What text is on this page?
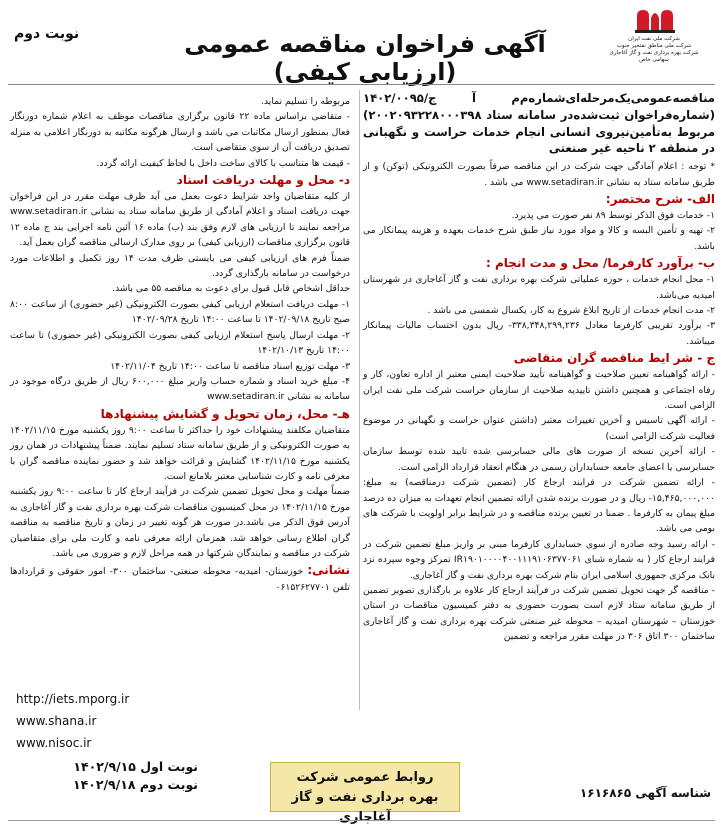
شرکت ملی نفت ایران
شرکت ملی مناطق نفتخیز جنوب
شرکت بهره برداری نفت و گاز آغاجاری
سهامی خاص
آگهی فراخوان مناقصه عمومی (ارزیابی کیفی)
نوبت دوم
مناقصه‌عمومی‌یک‌مرحله‌ای‌شماره‌م‌م آ ج/۱۴۰۲/۰۰۹۵ (شماره‌فراخوان ثبت‌شده‌در سامانه ستاد ۲۰۰۲۰۹۳۲۲۸۰۰۰۳۹۸) مربوط به‌تأمین‌نیروی انسانی انجام خدمات حراست و نگهبانی در منطقه ۲ ناحیه غیر صنعتی
* توجه : اعلام آمادگی جهت شرکت در این مناقصه صرفاً بصورت الکترونیکی (توکن) و از طریق سامانه ستاد به نشانی www.setadiran.ir می باشد .
الف- شرح مختصر:
۱- خدمات فوق الذکر توسط ۸۹ نفر صورت می پذیرد.
۲- تهیه و تأمین البسه و کالا و مواد مورد نیاز طبق شرح خدمات بعهده و هزینه پیمانکار می باشد.
ب- برآورد کارفرما/ محل و مدت انجام :
۱- محل انجام خدمات ، حوزه عملیاتی شرکت بهره برداری نفت و گاز آغاجاری در شهرستان امیدیه می‌باشد.
۲- مدت انجام خدمات از تاریخ ابلاغ شروع به کار، یکسال شمسی می باشد .
۳- برآورد تقریبی کارفرما معادل ۳۳۸,۳۴۸,۲۹۹,۲۳۶- ریال بدون احتساب مالیات پیمانکار میباشد.
ج - شر ایط مناقصه گران متقاضی
- ارائه گواهینامه تعیین صلاحیت و گواهینامه تأیید صلاحیت ایمنی معتبر از اداره تعاون، کار و رفاه اجتماعی و همچنین داشتن تاییدیه صلاحیت از سازمان حراست شرکت ملی نفت ایران الزامی است.
- ارائه آگهی تاسیس و آخرین تغییرات معتبر (داشتن عنوان حراست و نگهبانی در موضوع فعالیت شرکت الزامی است)
- ارائه آخرین نسخه از صورت های مالی حسابرسی شده تایید شده توسط سازمان حسابرسی یا اعضای جامعه حسابداران رسمی در هنگام انعقاد قرارداد الزامی است.
- ارائه تضمین شرکت در فرایند ارجاع کار (تضمین شرکت درمناقصه) به مبلغ: ۱۵,۴۶۵,۰۰۰,۰۰۰- ریال و در صورت برنده شدن ارائه تضمین انجام تعهدات به میزان ده درصد مبلغ پیمان به کارفرما . ضمنا در تعیین برنده مناقصه و در شرایط برابر اولویت با شرکت های بومی می باشد.
- ارائه رسید وجه صادره از سوی حسابداری کارفرما مبنی بر واریز مبلغ تضمین شرکت در فرایند ارجاع کار ( به شماره شبای IR۱۹۰۱۰۰۰۰۴۰۰۱۱۱۹۱۰۶۳۷۷۰۶۱ تمرکز وجوه سپرده نزد بانک مرکزی جمهوری اسلامی ایران بنام شرکت بهره برداری نفت و گاز آغاجاری.
- مناقصه گر جهت تحویل تضمین شرکت در فرآیند ارجاع کار علاوه بر بارگذاری تصویر تضمین از طریق سامانه ستاد لازم است بصورت حضوری به دفتر کمیسیون مناقصات در استان خوزستان – شهرستان امیدیه – محوطه غیر صنعتی شرکت بهره برداری نفت و گاز آغاجاری ساختمان ۳۰۰ اتاق ۳۰۶ در مهلت مقرر مراجعه و تضمین
مربوطه را تسلیم نماید.
- متقاضی براساس ماده ۲۲ قانون برگزاری مناقصات موظف به اعلام شماره دورنگار فعال بمنظور ارسال مکاتبات می باشد و ارسال هرگونه مکاتبه به دورنگار اعلامی به منزله تصدیق دریافت آن از سوی متقاضی است.
- قیمت ها متناسب با کالای ساخت داخل با لحاظ کیفیت ارائه گردد.
د- محل و مهلت دریافت اسناد
از کلیه متقاضیان واجد شرایط دعوت بعمل می آید ظرف مهلت مقرر در این فراخوان جهت دریافت اسناد و اعلام آمادگی از طریق سامانه ستاد به نشانی www.setadiran.ir مراجعه نمایند تا ارزیابی های لازم وفق بند (ب) ماده ۱۶ آئین نامه اجرایی بند ج ماده ۱۲ قانون برگزاری مناقصات (ارزیابی کیفی) بر روی مدارک ارسالی مناقصه گران بعمل آید.
ضمناً فرم های ارزیابی کیفی می بایستی ظرف مدت ۱۴ روز تکمیل و اطلاعات مورد درخواست در سامانه بارگذاری گردد.
حداقل اشخاص قابل قبول برای دعوت به مناقصه ۵۵ می باشد.
۱- مهلت دریافت استعلام ارزیابی کیفی بصورت الکترونیکی (غیر حضوری) از ساعت ۸:۰۰ صبح تاریخ ۱۴۰۲/۰۹/۱۸ تا ساعت ۱۴:۰۰ تاریخ ۱۴۰۲/۰۹/۲۸
۲- مهلت ارسال پاسخ استعلام ارزیابی کیفی بصورت الکترونیکی (غیر حضوری) تا ساعت ۱۴:۰۰ تاریخ ۱۴۰۲/۱۰/۱۳
۳- مهلت توزیع اسناد مناقصه تا ساعت ۱۴:۰۰ تاریخ ۱۴۰۲/۱۱/۰۴
۴- مبلغ خرید اسناد و شماره حساب واریز مبلغ ۶۰۰,۰۰۰ ریال از طریق درگاه موجود در سامانه به نشانی www.setadiran.ir
هـ- محل، زمان تحویل و گشایش پیشنهادها
متقاضیان مکلفند پیشنهادات خود را حداکثر تا ساعت ۹:۰۰ روز یکشنبه مورخ ۱۴۰۲/۱۱/۱۵ به صورت الکترونیکی و از طریق سامانه ستاد تسلیم نمایند. ضمناً پیشنهادات در همان روز یکشنبه مورخ ۱۴۰۲/۱۱/۱۵ گشایش و قرائت خواهد شد و حضور نماینده مناقصه گران با معرفی نامه و کارت شناسایی معتبر بلامانع است.
ضمناً مهلت و محل تحویل تضمین شرکت در فرآیند ارجاع کار تا ساعت ۹:۰۰ روز یکشنبه مورخ ۱۴۰۲/۱۱/۱۵ در محل کمیسیون مناقصات شرکت بهره برداری نفت و گاز آغاجاری به آدرس فوق الذکر می باشد.در صورت هر گونه تغییر در زمان و تاریخ مناقصه به مناقصه گران اطلاع رسانی خواهد شد. همزمان ارائه معرفی نامه و کارت ملی برای متقاضیان شرکت در مناقصه و نمایندگان شرکتها در همه مراحل لازم و ضروری می باشد.
نشانی: خوزستان- امیدیه- محوطه صنعتی- ساختمان ۳۰۰- امور حقوقی و قراردادها تلفن ۰۶۱۵۲۶۲۷۷۰۱
http://iets.mporg.ir
www.shana.ir
www.nisoc.ir
نوبت اول ۱۴۰۲/۹/۱۵
نوبت دوم ۱۴۰۲/۹/۱۸	روابط عمومی شرکت
بهره برداری نفت و گاز آغاجاری
شناسه آگهی ۱۶۱۶۸۶۵
